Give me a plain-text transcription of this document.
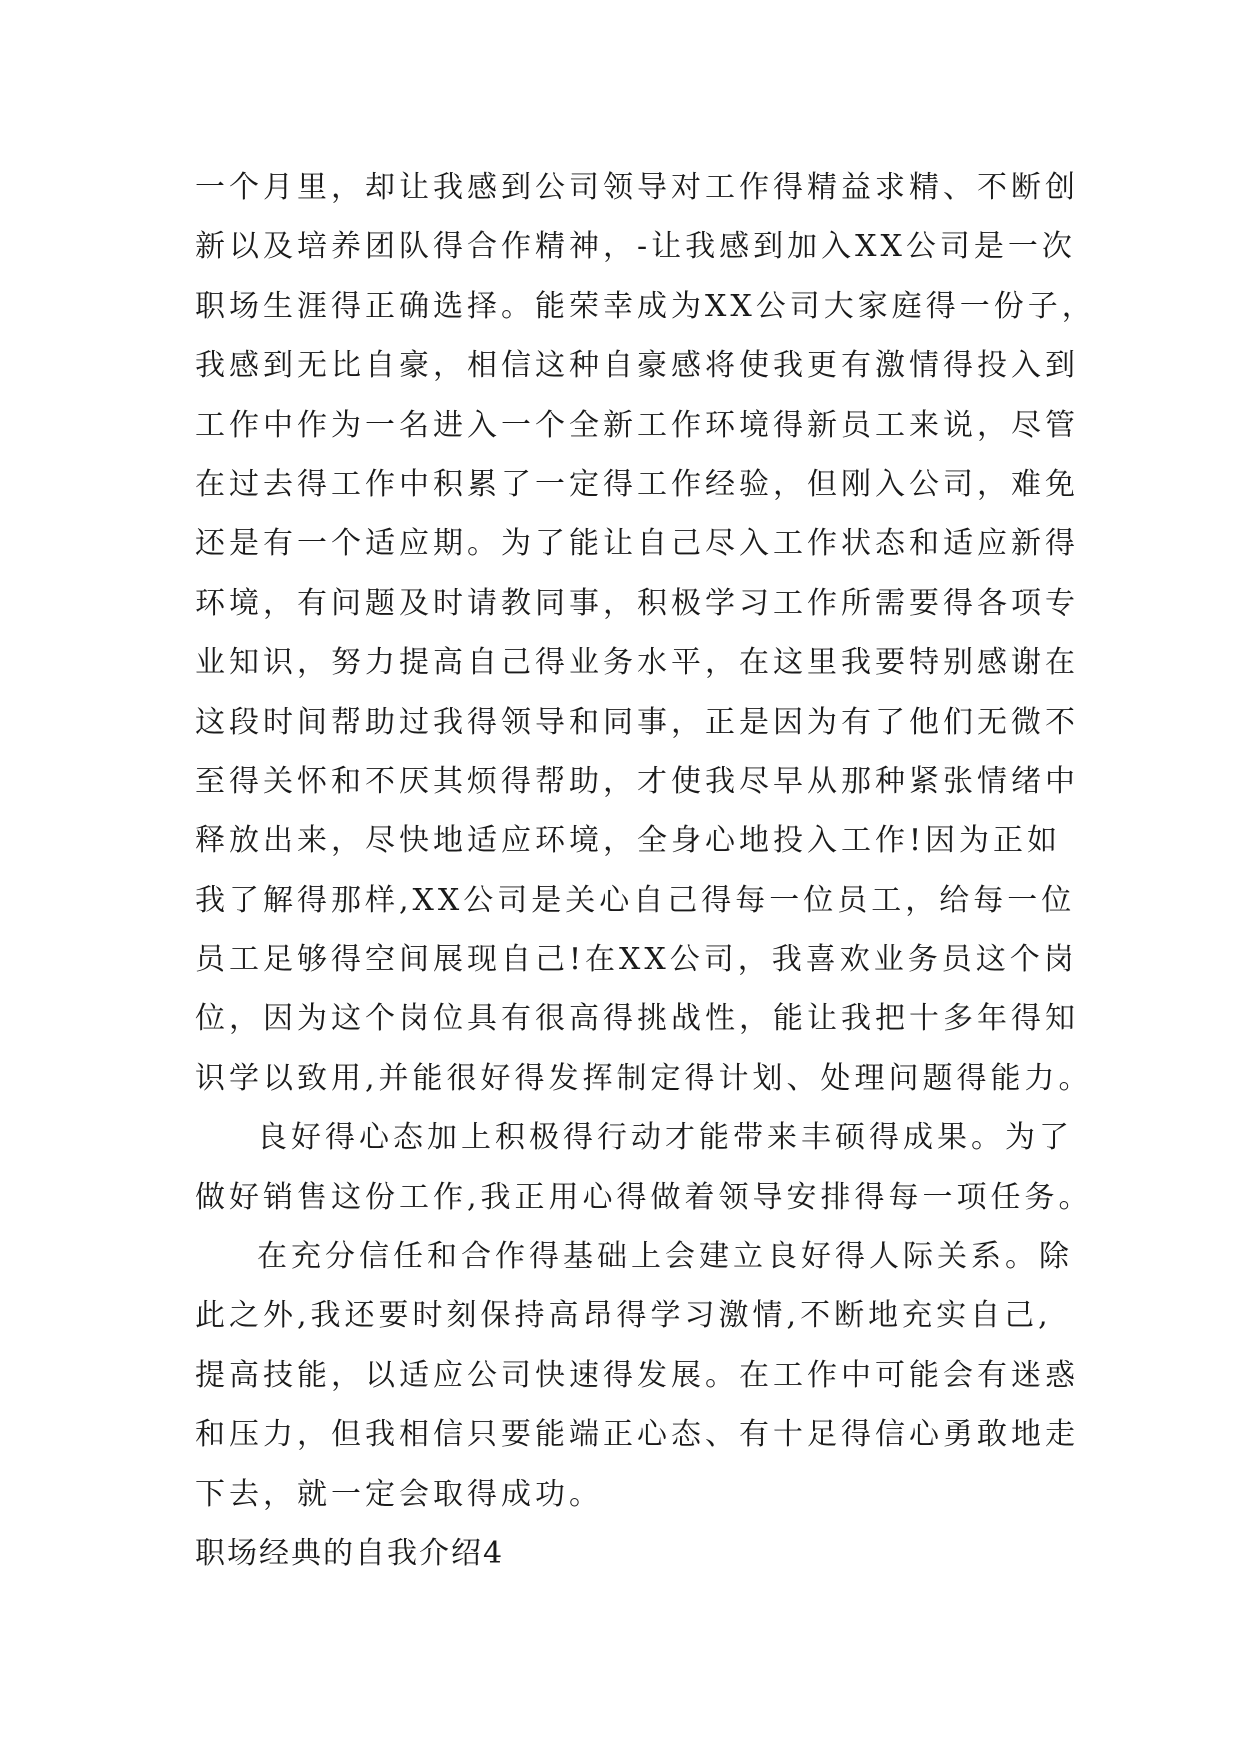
一个月里，却让我感到公司领导对工作得精益求精、不断创
新以及培养团队得合作精神，-让我感到加入XX公司是一次
职场生涯得正确选择。能荣幸成为XX公司大家庭得一份子，
我感到无比自豪，相信这种自豪感将使我更有激情得投入到
工作中作为一名进入一个全新工作环境得新员工来说，尽管
在过去得工作中积累了一定得工作经验，但刚入公司，难免
还是有一个适应期。为了能让自己尽入工作状态和适应新得
环境，有问题及时请教同事，积极学习工作所需要得各项专
业知识，努力提高自己得业务水平，在这里我要特别感谢在
这段时间帮助过我得领导和同事，正是因为有了他们无微不
至得关怀和不厌其烦得帮助，才使我尽早从那种紧张情绪中
释放出来，尽快地适应环境，全身心地投入工作!因为正如
我了解得那样,XX公司是关心自己得每一位员工，给每一位
员工足够得空间展现自己!在XX公司，我喜欢业务员这个岗
位，因为这个岗位具有很高得挑战性，能让我把十多年得知
识学以致用,并能很好得发挥制定得计划、处理问题得能力。
良好得心态加上积极得行动才能带来丰硕得成果。为了
做好销售这份工作,我正用心得做着领导安排得每一项任务。
在充分信任和合作得基础上会建立良好得人际关系。除
此之外,我还要时刻保持高昂得学习激情,不断地充实自己,
提高技能，以适应公司快速得发展。在工作中可能会有迷惑
和压力，但我相信只要能端正心态、有十足得信心勇敢地走
下去，就一定会取得成功。
职场经典的自我介绍4
